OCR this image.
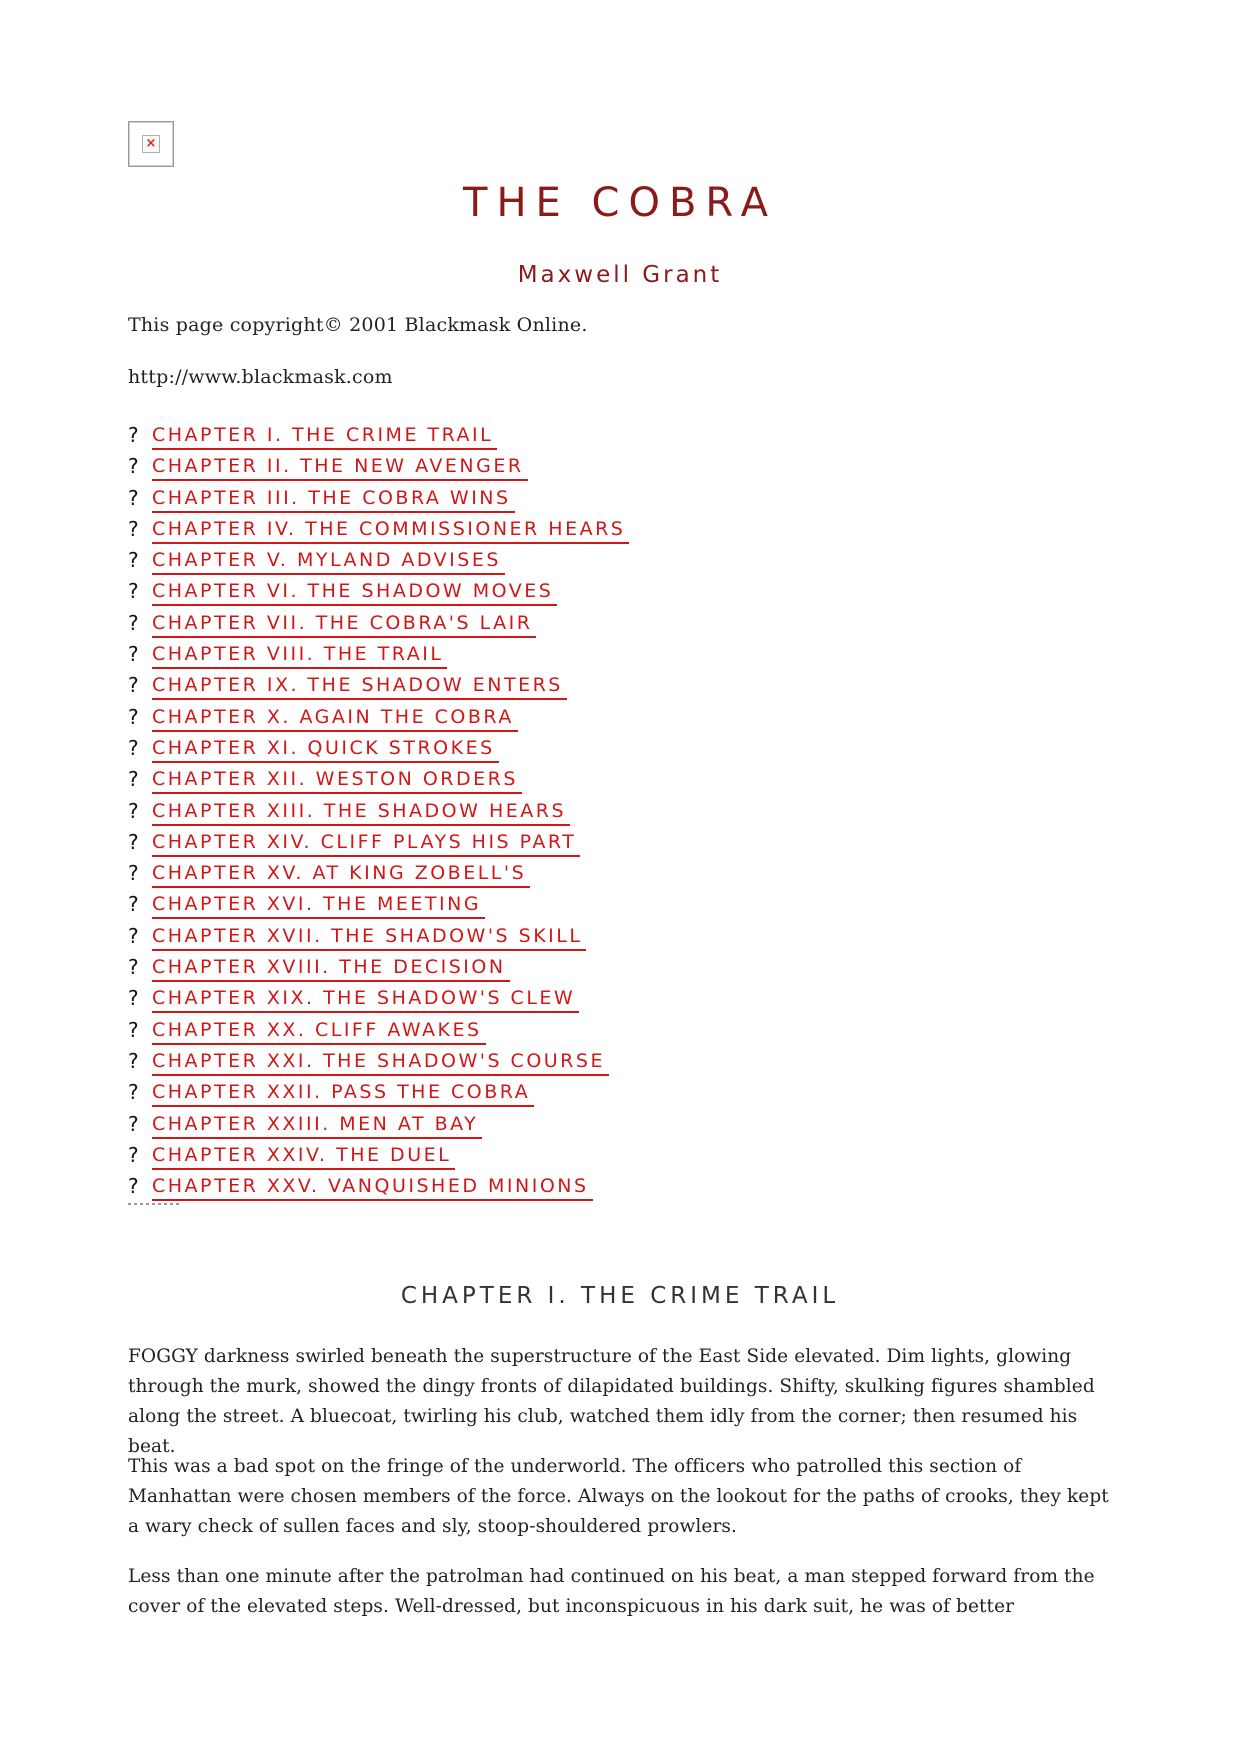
×
THE COBRA
Maxwell Grant
This page copyright© 2001 Blackmask Online.
http://www.blackmask.com
? CHAPTER I. THE CRIME TRAIL
? CHAPTER II. THE NEW AVENGER
? CHAPTER III. THE COBRA WINS
? CHAPTER IV. THE COMMISSIONER HEARS
? CHAPTER V. MYLAND ADVISES
? CHAPTER VI. THE SHADOW MOVES
? CHAPTER VII. THE COBRA'S LAIR
? CHAPTER VIII. THE TRAIL
? CHAPTER IX. THE SHADOW ENTERS
? CHAPTER X. AGAIN THE COBRA
? CHAPTER XI. QUICK STROKES
? CHAPTER XII. WESTON ORDERS
? CHAPTER XIII. THE SHADOW HEARS
? CHAPTER XIV. CLIFF PLAYS HIS PART
? CHAPTER XV. AT KING ZOBELL'S
? CHAPTER XVI. THE MEETING
? CHAPTER XVII. THE SHADOW'S SKILL
? CHAPTER XVIII. THE DECISION
? CHAPTER XIX. THE SHADOW'S CLEW
? CHAPTER XX. CLIFF AWAKES
? CHAPTER XXI. THE SHADOW'S COURSE
? CHAPTER XXII. PASS THE COBRA
? CHAPTER XXIII. MEN AT BAY
? CHAPTER XXIV. THE DUEL
? CHAPTER XXV. VANQUISHED MINIONS
CHAPTER I. THE CRIME TRAIL

FOGGY darkness swirled beneath the superstructure of the East Side elevated. Dim lights, glowing through the murk, showed the dingy fronts of dilapidated buildings. Shifty, skulking figures shambled along the street. A bluecoat, twirling his club, watched them idly from the corner; then resumed his beat.

This was a bad spot on the fringe of the underworld. The officers who patrolled this section of Manhattan were chosen members of the force. Always on the lookout for the paths of crooks, they kept a wary check of sullen faces and sly, stoop-shouldered prowlers.

Less than one minute after the patrolman had continued on his beat, a man stepped forward from the cover of the elevated steps. Well-dressed, but inconspicuous in his dark suit, he was of better
